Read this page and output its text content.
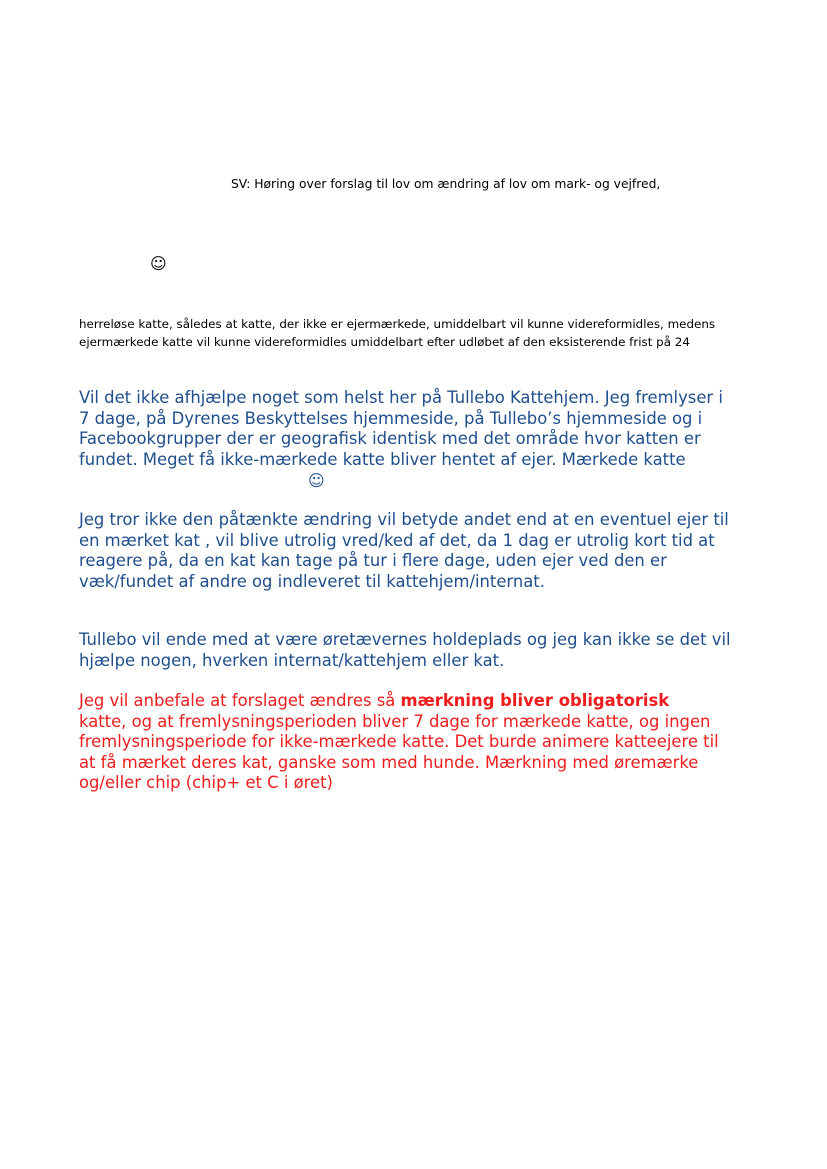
SV: Høring over forslag til lov om ændring af lov om mark- og vejfred,

☺

herreløse katte, således at katte, der ikke er ejermærkede, umiddelbart vil kunne videreformidles, medens

ejermærkede katte vil kunne videreformidles umiddelbart efter udløbet af den eksisterende frist på 24

Vil det ikke afhjælpe noget som helst her på Tullebo Kattehjem. Jeg fremlyser i
7 dage, på Dyrenes Beskyttelses hjemmeside, på Tullebo’s hjemmeside og i
Facebookgrupper der er geografisk identisk med det område hvor katten er
fundet. Meget få ikke-mærkede katte bliver hentet af ejer. Mærkede katte
☺
Jeg tror ikke den påtænkte ændring vil betyde andet end at en eventuel ejer til
en mærket kat , vil blive utrolig vred/ked af det, da 1 dag er utrolig kort tid at
reagere på, da en kat kan tage på tur i flere dage, uden ejer ved den er
væk/fundet af andre og indleveret til kattehjem/internat.
Tullebo vil ende med at være øretævernes holdeplads og jeg kan ikke se det vil
hjælpe nogen, hverken internat/kattehjem eller kat.
Jeg vil anbefale at forslaget ændres så mærkning bliver obligatorisk
katte, og at fremlysningsperioden bliver 7 dage for mærkede katte, og ingen
fremlysningsperiode for ikke-mærkede katte. Det burde animere katteejere til
at få mærket deres kat, ganske som med hunde. Mærkning med øremærke
og/eller chip (chip+ et C i øret)
